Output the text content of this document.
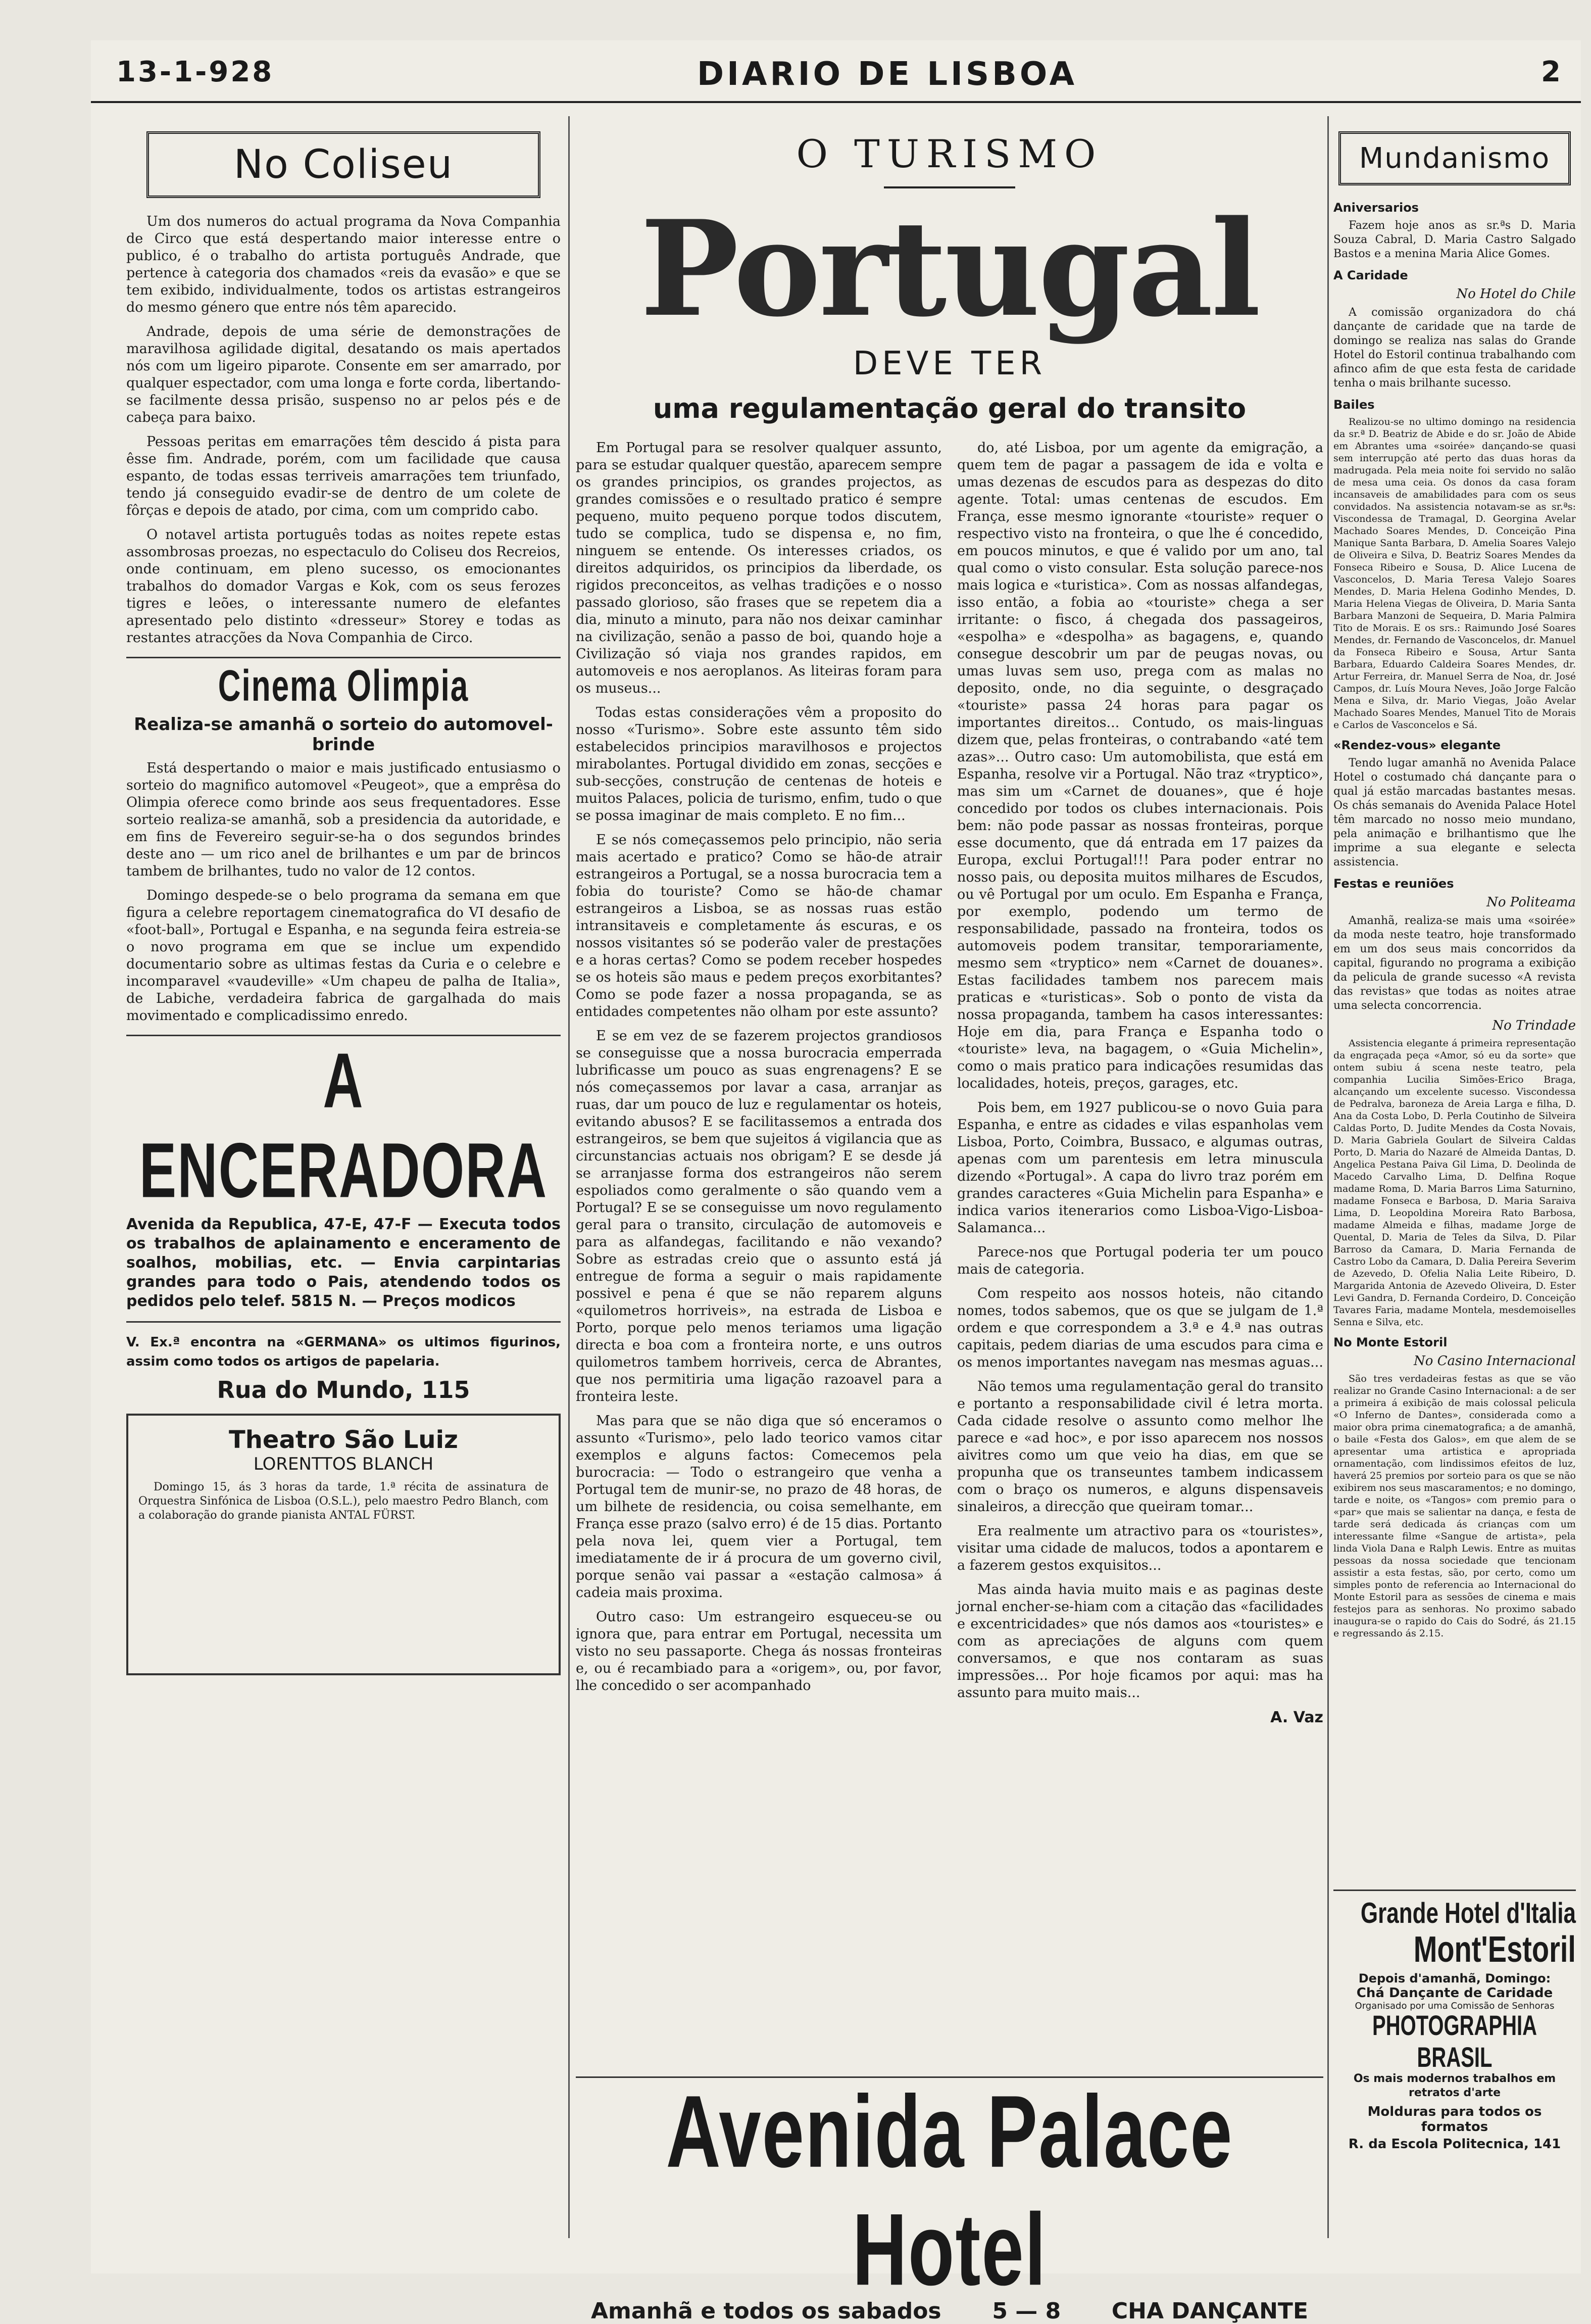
13-1-928	DIARIO DE LISBOA	2
No Coliseu

Um dos numeros do actual programa da Nova Companhia de Circo que está despertando maior interesse entre o publico, é o trabalho do artista português Andrade, que pertence à categoria dos chamados «reis da evasão» e que se tem exibido, individualmente, todos os artistas estrangeiros do mesmo género que entre nós têm aparecido.

Andrade, depois de uma série de demonstrações de maravilhosa agilidade digital, desatando os mais apertados nós com um ligeiro piparote. Consente em ser amarrado, por qualquer espectador, com uma longa e forte corda, libertando-se facilmente dessa prisão, suspenso no ar pelos pés e de cabeça para baixo.

Pessoas peritas em emarrações têm descido á pista para êsse fim. Andrade, porém, com um facilidade que causa espanto, de todas essas terriveis amarrações tem triunfado, tendo já conseguido evadir-se de dentro de um colete de fôrças e depois de atado, por cima, com um comprido cabo.

O notavel artista português todas as noites repete estas assombrosas proezas, no espectaculo do Coliseu dos Recreios, onde continuam, em pleno sucesso, os emocionantes trabalhos do domador Vargas e Kok, com os seus ferozes tigres e leões, o interessante numero de elefantes apresentado pelo distinto «dresseur» Storey e todas as restantes atracções da Nova Companhia de Circo.

Cinema Olimpia
Realiza-se amanhã o sorteio do automovel-brinde

Está despertando o maior e mais justificado entusiasmo o sorteio do magnifico automovel «Peugeot», que a emprêsa do Olimpia oferece como brinde aos seus frequentadores. Esse sorteio realiza-se amanhã, sob a presidencia da autoridade, e em fins de Fevereiro seguir-se-ha o dos segundos brindes deste ano — um rico anel de brilhantes e um par de brincos tambem de brilhantes, tudo no valor de 12 contos.

Domingo despede-se o belo programa da semana em que figura a celebre reportagem cinematografica do VI desafio de «foot-ball», Portugal e Espanha, e na segunda feira estreia-se o novo programa em que se inclue um expendido documentario sobre as ultimas festas da Curia e o celebre e incomparavel «vaudeville» «Um chapeu de palha de Italia», de Labiche, verdadeira fabrica de gargalhada do mais movimentado e complicadissimo enredo.

A ENCERADORA
Avenida da Republica, 47-E, 47-F — Executa todos os trabalhos de aplainamento e enceramento de soalhos, mobilias, etc. — Envia carpintarias grandes para todo o Pais, atendendo todos os pedidos pelo telef. 5815 N. — Preços modicos
V. Ex.ª encontra na «GERMANA» os ultimos figurinos, assim como todos os artigos de papelaria.
Rua do Mundo, 115
Theatro São Luiz
LORENTTOS BLANCH

Domingo 15, ás 3 horas da tarde, 1.ª récita de assinatura de Orquestra Sinfónica de Lisboa (O.S.L.), pelo maestro Pedro Blanch, com a colaboração do grande pianista ANTAL FÜRST.

O TURISMO
Portugal
DEVE TER
uma regulamentação geral do transito

Em Portugal para se resolver qualquer assunto, para se estudar qualquer questão, aparecem sempre os grandes principios, os grandes projectos, as grandes comissões e o resultado pratico é sempre pequeno, muito pequeno porque todos discutem, tudo se complica, tudo se dispensa e, no fim, ninguem se entende. Os interesses criados, os direitos adquiridos, os principios da liberdade, os rigidos preconceitos, as velhas tradições e o nosso passado glorioso, são frases que se repetem dia a dia, minuto a minuto, para não nos deixar caminhar na civilização, senão a passo de boi, quando hoje a Civilização só viaja nos grandes rapidos, em automoveis e nos aeroplanos. As liteiras foram para os museus...

Todas estas considerações vêm a proposito do nosso «Turismo». Sobre este assunto têm sido estabelecidos principios maravilhosos e projectos mirabolantes. Portugal dividido em zonas, secções e sub-secções, construção de centenas de hoteis e muitos Palaces, policia de turismo, enfim, tudo o que se possa imaginar de mais completo. E no fim...

E se nós começassemos pelo principio, não seria mais acertado e pratico? Como se hão-de atrair estrangeiros a Portugal, se a nossa burocracia tem a fobia do touriste? Como se hão-de chamar estrangeiros a Lisboa, se as nossas ruas estão intransitaveis e completamente ás escuras, e os nossos visitantes só se poderão valer de prestações e a horas certas? Como se podem receber hospedes se os hoteis são maus e pedem preços exorbitantes? Como se pode fazer a nossa propaganda, se as entidades competentes não olham por este assunto?

E se em vez de se fazerem projectos grandiosos se conseguisse que a nossa burocracia emperrada lubrificasse um pouco as suas engrenagens? E se nós começassemos por lavar a casa, arranjar as ruas, dar um pouco de luz e regulamentar os hoteis, evitando abusos? E se facilitassemos a entrada dos estrangeiros, se bem que sujeitos á vigilancia que as circunstancias actuais nos obrigam? E se desde já se arranjasse forma dos estrangeiros não serem espoliados como geralmente o são quando vem a Portugal? E se se conseguisse um novo regulamento geral para o transito, circulação de automoveis e para as alfandegas, facilitando e não vexando? Sobre as estradas creio que o assunto está já entregue de forma a seguir o mais rapidamente possivel e pena é que se não reparem alguns «quilometros horriveis», na estrada de Lisboa e Porto, porque pelo menos teriamos uma ligação directa e boa com a fronteira norte, e uns outros quilometros tambem horriveis, cerca de Abrantes, que nos permitiria uma ligação razoavel para a fronteira leste.

Mas para que se não diga que só enceramos o assunto «Turismo», pelo lado teorico vamos citar exemplos e alguns factos: Comecemos pela burocracia: — Todo o estrangeiro que venha a Portugal tem de munir-se, no prazo de 48 horas, de um bilhete de residencia, ou coisa semelhante, em França esse prazo (salvo erro) é de 15 dias. Portanto pela nova lei, quem vier a Portugal, tem imediatamente de ir á procura de um governo civil, porque senão vai passar a «estação calmosa» á cadeia mais proxima.

Outro caso: Um estrangeiro esqueceu-se ou ignora que, para entrar em Portugal, necessita um visto no seu passaporte. Chega ás nossas fronteiras e, ou é recambiado para a «origem», ou, por favor, lhe concedido o ser acompanhado

do, até Lisboa, por um agente da emigração, a quem tem de pagar a passagem de ida e volta e umas dezenas de escudos para as despezas do dito agente. Total: umas centenas de escudos. Em França, esse mesmo ignorante «touriste» requer o respectivo visto na fronteira, o que lhe é concedido, em poucos minutos, e que é valido por um ano, tal qual como o visto consular. Esta solução parece-nos mais logica e «turistica». Com as nossas alfandegas, isso então, a fobia ao «touriste» chega a ser irritante: o fisco, á chegada dos passageiros, «espolha» e «despolha» as bagagens, e, quando consegue descobrir um par de peugas novas, ou umas luvas sem uso, prega com as malas no deposito, onde, no dia seguinte, o desgraçado «touriste» passa 24 horas para pagar os importantes direitos... Contudo, os mais-linguas dizem que, pelas fronteiras, o contrabando «até tem azas»... Outro caso: Um automobilista, que está em Espanha, resolve vir a Portugal. Não traz «tryptico», mas sim um «Carnet de douanes», que é hoje concedido por todos os clubes internacionais. Pois bem: não pode passar as nossas fronteiras, porque esse documento, que dá entrada em 17 paizes da Europa, exclui Portugal!!! Para poder entrar no nosso pais, ou deposita muitos milhares de Escudos, ou vê Portugal por um oculo. Em Espanha e França, por exemplo, podendo um termo de responsabilidade, passado na fronteira, todos os automoveis podem transitar, temporariamente, mesmo sem «tryptico» nem «Carnet de douanes». Estas facilidades tambem nos parecem mais praticas e «turisticas». Sob o ponto de vista da nossa propaganda, tambem ha casos interessantes: Hoje em dia, para França e Espanha todo o «touriste» leva, na bagagem, o «Guia Michelin», como o mais pratico para indicações resumidas das localidades, hoteis, preços, garages, etc.

Pois bem, em 1927 publicou-se o novo Guia para Espanha, e entre as cidades e vilas espanholas vem Lisboa, Porto, Coimbra, Bussaco, e algumas outras, apenas com um parentesis em letra minuscula dizendo «Portugal». A capa do livro traz porém em grandes caracteres «Guia Michelin para Espanha» e indica varios itenerarios como Lisboa-Vigo-Lisboa-Salamanca...

Parece-nos que Portugal poderia ter um pouco mais de categoria.

Com respeito aos nossos hoteis, não citando nomes, todos sabemos, que os que se julgam de 1.ª ordem e que correspondem a 3.ª e 4.ª nas outras capitais, pedem diarias de uma escudos para cima e os menos importantes navegam nas mesmas aguas...

Não temos uma regulamentação geral do transito e portanto a responsabilidade civil é letra morta. Cada cidade resolve o assunto como melhor lhe parece e «ad hoc», e por isso aparecem nos nossos aivitres como um que veio ha dias, em que se propunha que os transeuntes tambem indicassem com o braço os numeros, e alguns dispensaveis sinaleiros, a direcção que queiram tomar...

Era realmente um atractivo para os «touristes», visitar uma cidade de malucos, todos a apontarem e a fazerem gestos exquisitos...

Mas ainda havia muito mais e as paginas deste jornal encher-se-hiam com a citação das «facilidades e excentricidades» que nós damos aos «touristes» e com as apreciações de alguns com quem conversamos, e que nos contaram as suas impressões... Por hoje ficamos por aqui: mas ha assunto para muito mais...

A. Vaz
Avenida Palace Hotel
Amanhã e todos os sabados 5 — 8 CHA DANÇANTE
Mundanismo
Aniversarios

Fazem hoje anos as sr.ªs D. Maria Souza Cabral, D. Maria Castro Salgado Bastos e a menina Maria Alice Gomes.

A Caridade
No Hotel do Chile

A comissão organizadora do chá dançante de caridade que na tarde de domingo se realiza nas salas do Grande Hotel do Estoril continua trabalhando com afinco afim de que esta festa de caridade tenha o mais brilhante sucesso.

Bailes

Realizou-se no ultimo domingo na residencia da sr.ª D. Beatriz de Abide e do sr. João de Abide em Abrantes uma «soirée» dançando-se quasi sem interrupção até perto das duas horas da madrugada. Pela meia noite foi servido no salão de mesa uma ceia. Os donos da casa foram incansaveis de amabilidades para com os seus convidados. Na assistencia notavam-se as sr.ªs: Viscondessa de Tramagal, D. Georgina Avelar Machado Soares Mendes, D. Conceição Pina Manique Santa Barbara, D. Amelia Soares Valejo de Oliveira e Silva, D. Beatriz Soares Mendes da Fonseca Ribeiro e Sousa, D. Alice Lucena de Vasconcelos, D. Maria Teresa Valejo Soares Mendes, D. Maria Helena Godinho Mendes, D. Maria Helena Viegas de Oliveira, D. Maria Santa Barbara Manzoni de Sequeira, D. Maria Palmira Tito de Morais. E os srs.: Raimundo José Soares Mendes, dr. Fernando de Vasconcelos, dr. Manuel da Fonseca Ribeiro e Sousa, Artur Santa Barbara, Eduardo Caldeira Soares Mendes, dr. Artur Ferreira, dr. Manuel Serra de Noa, dr. José Campos, dr. Luís Moura Neves, João Jorge Falcão Mena e Silva, dr. Mario Viegas, João Avelar Machado Soares Mendes, Manuel Tito de Morais e Carlos de Vasconcelos e Sá.

«Rendez-vous» elegante

Tendo lugar amanhã no Avenida Palace Hotel o costumado chá dançante para o qual já estão marcadas bastantes mesas. Os chás semanais do Avenida Palace Hotel têm marcado no nosso meio mundano, pela animação e brilhantismo que lhe imprime a sua elegante e selecta assistencia.

Festas e reuniões
No Politeama

Amanhã, realiza-se mais uma «soirée» da moda neste teatro, hoje transformado em um dos seus mais concorridos da capital, figurando no programa a exibição da pelicula de grande sucesso «A revista das revistas» que todas as noites atrae uma selecta concorrencia.

No Trindade

Assistencia elegante á primeira representação da engraçada peça «Amor, só eu da sorte» que ontem subiu á scena neste teatro, pela companhia Lucilia Simões-Erico Braga, alcançando um excelente sucesso. Viscondessa de Pedralva, baroneza de Areia Larga e filha, D. Ana da Costa Lobo, D. Perla Coutinho de Silveira Caldas Porto, D. Judite Mendes da Costa Novais, D. Maria Gabriela Goulart de Silveira Caldas Porto, D. Maria do Nazaré de Almeida Dantas, D. Angelica Pestana Paiva Gil Lima, D. Deolinda de Macedo Carvalho Lima, D. Delfina Roque madame Roma, D. Maria Barros Lima Saturnino, madame Fonseca e Barbosa, D. Maria Saraiva Lima, D. Leopoldina Moreira Rato Barbosa, madame Almeida e filhas, madame Jorge de Quental, D. Maria de Teles da Silva, D. Pilar Barroso da Camara, D. Maria Fernanda de Castro Lobo da Camara, D. Dalia Pereira Severim de Azevedo, D. Ofelia Nalia Leite Ribeiro, D. Margarida Antonia de Azevedo Oliveira, D. Ester Levi Gandra, D. Fernanda Cordeiro, D. Conceição Tavares Faria, madame Montela, mesdemoiselles Senna e Silva, etc.

No Monte Estoril
No Casino Internacional

São tres verdadeiras festas as que se vão realizar no Grande Casino Internacional: a de ser a primeira á exibição de mais colossal pelicula «O Inferno de Dantes», considerada como a maior obra prima cinematografica; a de amanhã, o baile «Festa dos Galos», em que alem de se apresentar uma artistica e apropriada ornamentação, com lindissimos efeitos de luz, haverá 25 premios por sorteio para os que se não exibirem nos seus mascaramentos; e no domingo, tarde e noite, os «Tangos» com premio para o «par» que mais se salientar na dança, e festa de tarde será dedicada ás crianças com um interessante filme «Sangue de artista», pela linda Viola Dana e Ralph Lewis. Entre as muitas pessoas da nossa sociedade que tencionam assistir a esta festas, são, por certo, como um simples ponto de referencia ao Internacional do Monte Estoril para as sessões de cinema e mais festejos para as senhoras. No proximo sabado inaugura-se o rapido do Cais do Sodré, ás 21.15 e regressando ás 2.15.

Grande Hotel d'Italia
Mont'Estoril
Depois d'amanhã, Domingo:
Chá Dançante de Caridade
Organisado por uma Comissão de Senhoras
PHOTOGRAPHIA BRASIL
Os mais modernos trabalhos em retratos d'arte
Molduras para todos os formatos
R. da Escola Politecnica, 141
